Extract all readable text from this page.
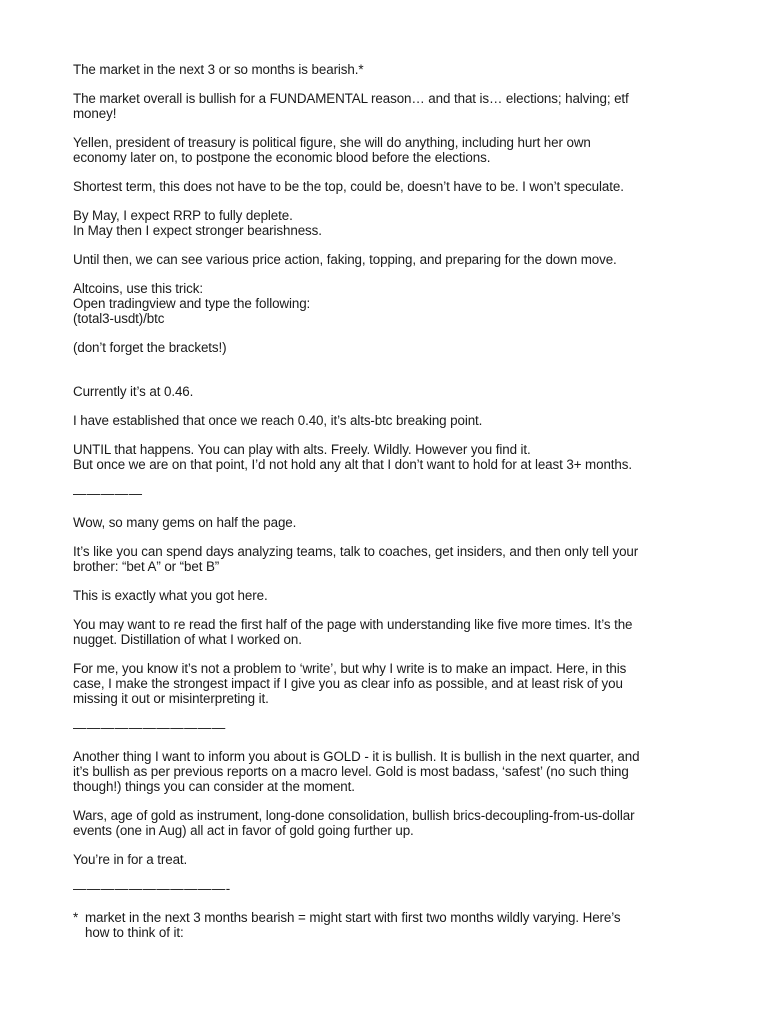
The market in the next 3 or so months is bearish.*
The market overall is bullish for a FUNDAMENTAL reason… and that is… elections; halving; etf
money!
Yellen, president of treasury is political figure, she will do anything, including hurt her own
economy later on, to postpone the economic blood before the elections.
Shortest term, this does not have to be the top, could be, doesn’t have to be. I won’t speculate.
By May, I expect RRP to fully deplete.
In May then I expect stronger bearishness.
Until then, we can see various price action, faking, topping, and preparing for the down move.
Altcoins, use this trick:
Open tradingview and type the following:
(total3-usdt)/btc
(don’t forget the brackets!)
Currently it’s at 0.46.
I have established that once we reach 0.40, it’s alts-btc breaking point.
UNTIL that happens. You can play with alts. Freely. Wildly. However you find it.
But once we are on that point, I’d not hold any alt that I don’t want to hold for at least 3+ months.
—————
Wow, so many gems on half the page.
It’s like you can spend days analyzing teams, talk to coaches, get insiders, and then only tell your
brother: “bet A” or “bet B”
This is exactly what you got here.
You may want to re read the first half of the page with understanding like five more times. It’s the
nugget. Distillation of what I worked on.
For me, you know it’s not a problem to ‘write’, but why I write is to make an impact. Here, in this
case, I make the strongest impact if I give you as clear info as possible, and at least risk of you
missing it out or misinterpreting it.
———————————
Another thing I want to inform you about is GOLD - it is bullish. It is bullish in the next quarter, and
it’s bullish as per previous reports on a macro level. Gold is most badass, ‘safest’ (no such thing
though!) things you can consider at the moment.
Wars, age of gold as instrument, long-done consolidation, bullish brics-decoupling-from-us-dollar
events (one in Aug) all act in favor of gold going further up.
You’re in for a treat.
———————————-
* market in the next 3 months bearish = might start with first two months wildly varying. Here’s
how to think of it:
